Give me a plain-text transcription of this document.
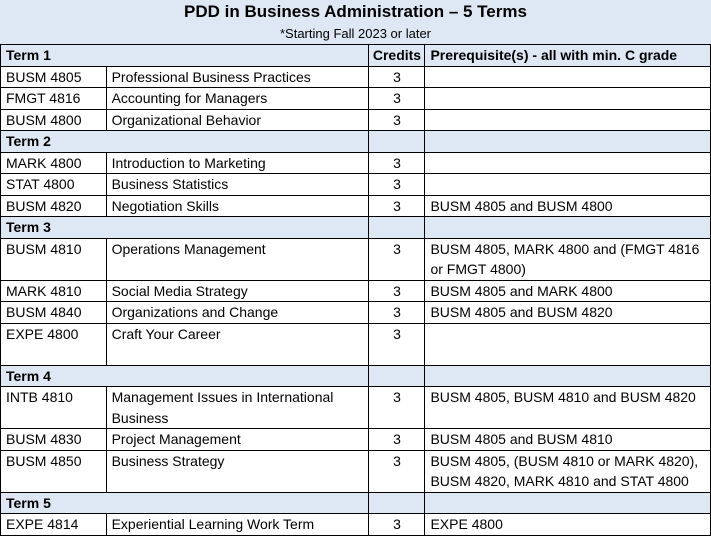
PDD in Business Administration – 5 Terms
*Starting Fall 2023 or later
Term 1		Credits	Prerequisite(s) - all with min. C grade
BUSM 4805	Professional Business Practices	3	
FMGT 4816	Accounting for Managers	3	
BUSM 4800	Organizational Behavior	3	
Term 2			
MARK 4800	Introduction to Marketing	3	
STAT 4800	Business Statistics	3	
BUSM 4820	Negotiation Skills	3	BUSM 4805 and BUSM 4800
Term 3			
BUSM 4810	Operations Management	3	BUSM 4805, MARK 4800 and (FMGT 4816 or FMGT 4800)
MARK 4810	Social Media Strategy	3	BUSM 4805 and MARK 4800
BUSM 4840	Organizations and Change	3	BUSM 4805 and BUSM 4820
EXPE 4800	Craft Your Career	3	
Term 4			
INTB 4810	Management Issues in International Business	3	BUSM 4805, BUSM 4810 and BUSM 4820
BUSM 4830	Project Management	3	BUSM 4805 and BUSM 4810
BUSM 4850	Business Strategy	3	BUSM 4805, (BUSM 4810 or MARK 4820), BUSM 4820, MARK 4810 and STAT 4800
Term 5			
EXPE 4814	Experiential Learning Work Term	3	EXPE 4800
